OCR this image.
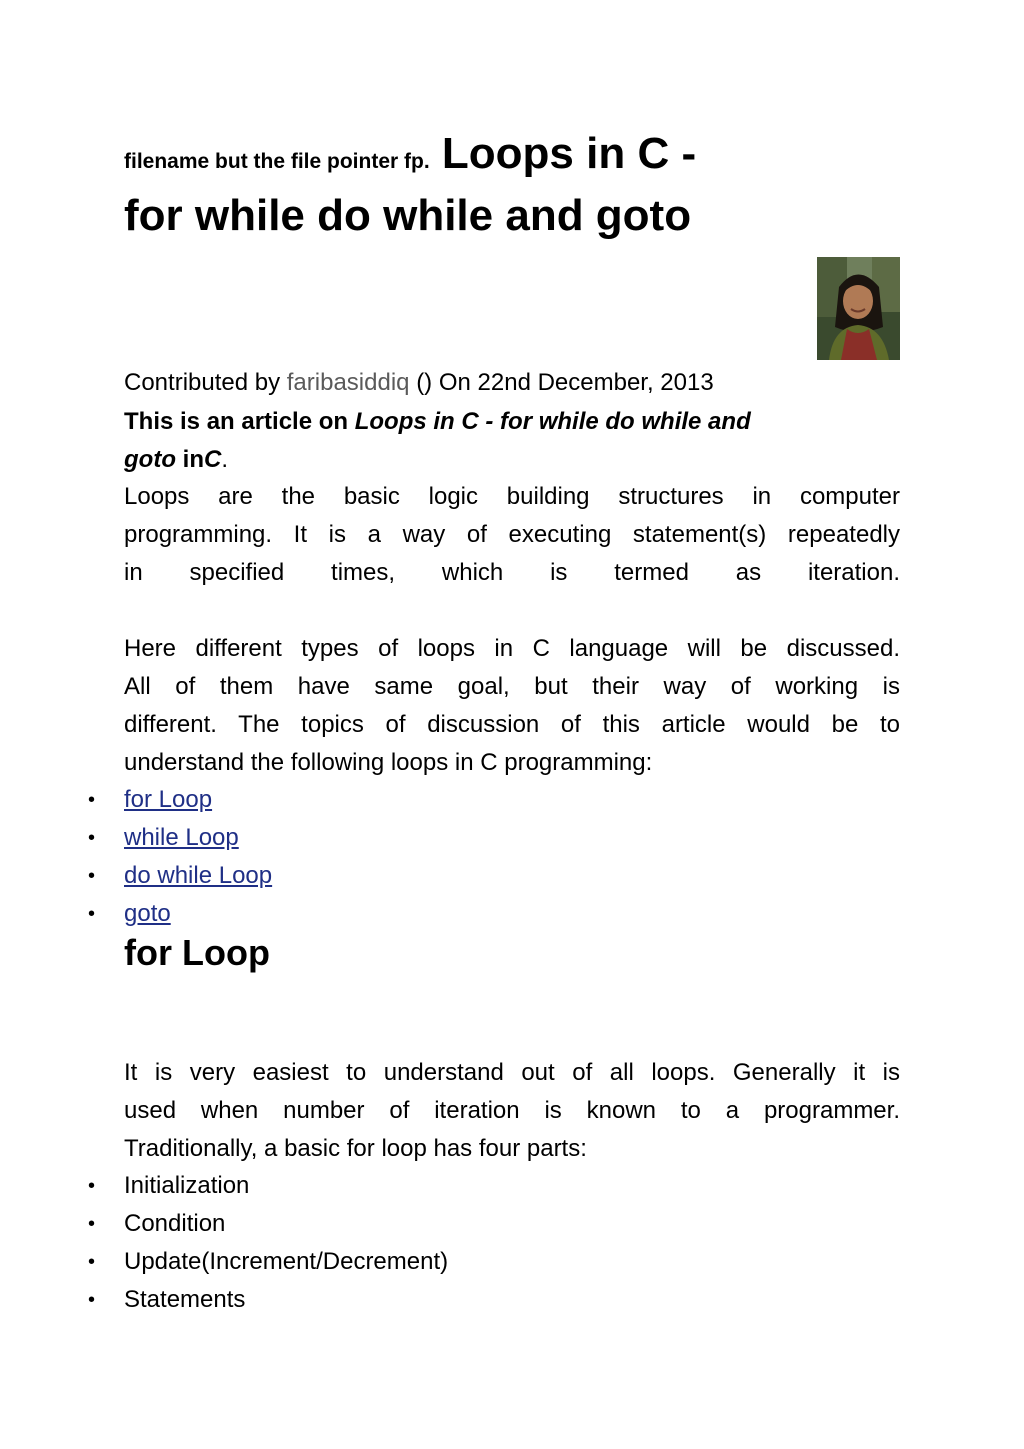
filename but the file pointer fp. Loops in C -
for while do while and goto
Contributed by faribasiddiq () On 22nd December, 2013
This is an article on Loops in C - for while do while and
goto inC.
Loops are the basic logic building structures in computer
programming. It is a way of executing statement(s) repeatedly
in specified times, which is termed as iteration.
Here different types of loops in C language will be discussed.
All of them have same goal, but their way of working is
different. The topics of discussion of this article would be to
understand the following loops in C programming:
• for Loop
• while Loop
• do while Loop
• goto
for Loop
It is very easiest to understand out of all loops. Generally it is
used when number of iteration is known to a programmer.
Traditionally, a basic for loop has four parts:
• Initialization
• Condition
• Update(Increment/Decrement)
• Statements
